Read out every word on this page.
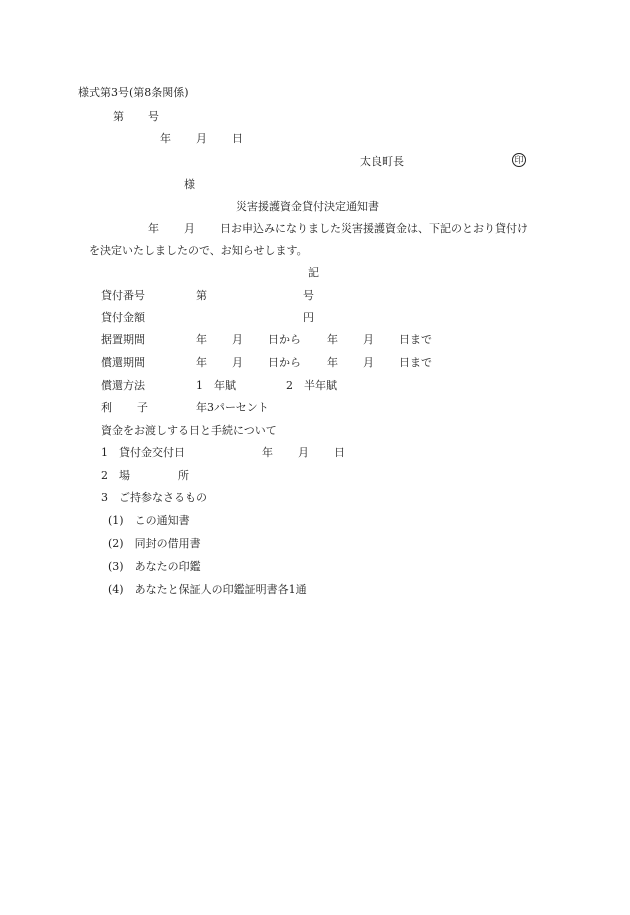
様式第3号(第8条関係)
第 号
年 月 日
太良町長	印
様
災害援護資金貸付決定通知書
年 月 日お申込みになりました災害援護資金は、下記のとおり貸付け
を決定いたしましたので、お知らせします。
記
貸付番号	第	号
貸付金額	円
据置期間	年 月 日から 年 月 日まで
償還期間	年 月 日から 年 月 日まで
償還方法	1　年賦	2　半年賦
利 子	年3パーセント
資金をお渡しする日と手続について
1　貸付金交付日	年 月 日
2　場	所
3　ご持参なさるもの
(1)　この通知書
(2)　同封の借用書
(3)　あなたの印鑑
(4)　あなたと保証人の印鑑証明書各1通
